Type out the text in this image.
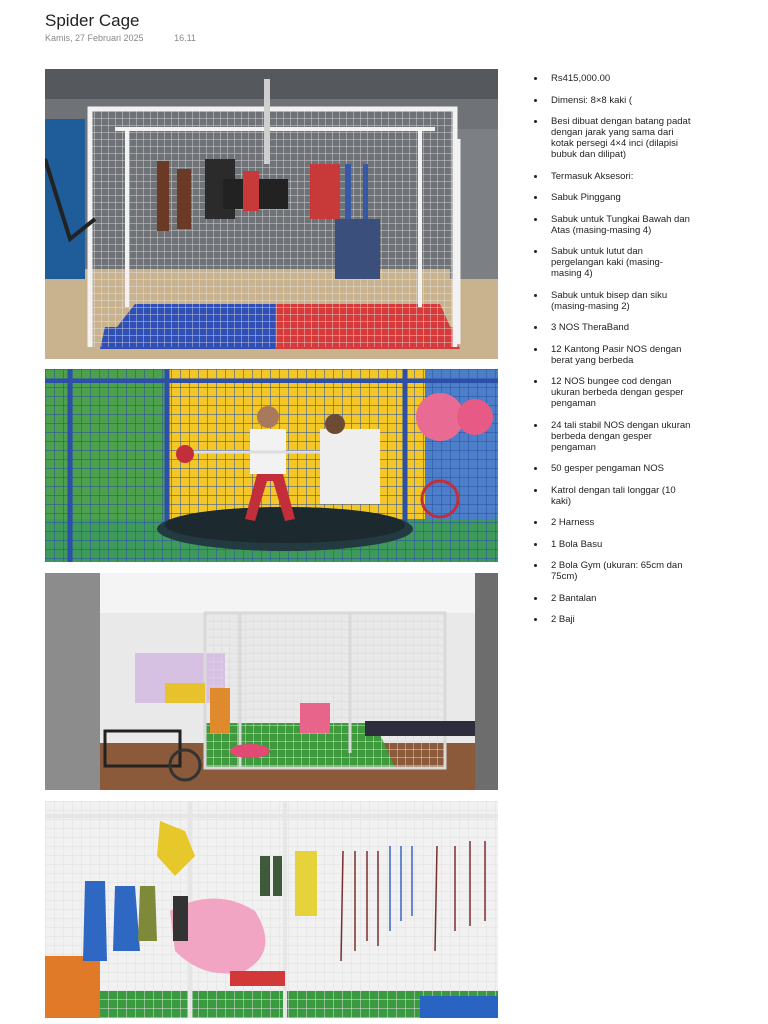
Spider Cage
Kamis, 27 Februari 2025	16.11
Rs415,000.00
Dimensi: 8×8 kaki (
Besi dibuat dengan batang padat dengan jarak yang sama dari kotak persegi 4×4 inci (dilapisi bubuk dan dilipat)
Termasuk Aksesori:
Sabuk Pinggang
Sabuk untuk Tungkai Bawah dan Atas (masing-masing 4)
Sabuk untuk lutut dan pergelangan kaki (masing-masing 4)
Sabuk untuk bisep dan siku (masing-masing 2)
3 NOS TheraBand
12 Kantong Pasir NOS dengan berat yang berbeda
12 NOS bungee cod dengan ukuran berbeda dengan gesper pengaman
24 tali stabil NOS dengan ukuran berbeda dengan gesper pengaman
50 gesper pengaman NOS
Katrol dengan tali longgar (10 kaki)
2 Harness
1 Bola Basu
2 Bola Gym (ukuran: 65cm dan 75cm)
2 Bantalan
2 Baji
